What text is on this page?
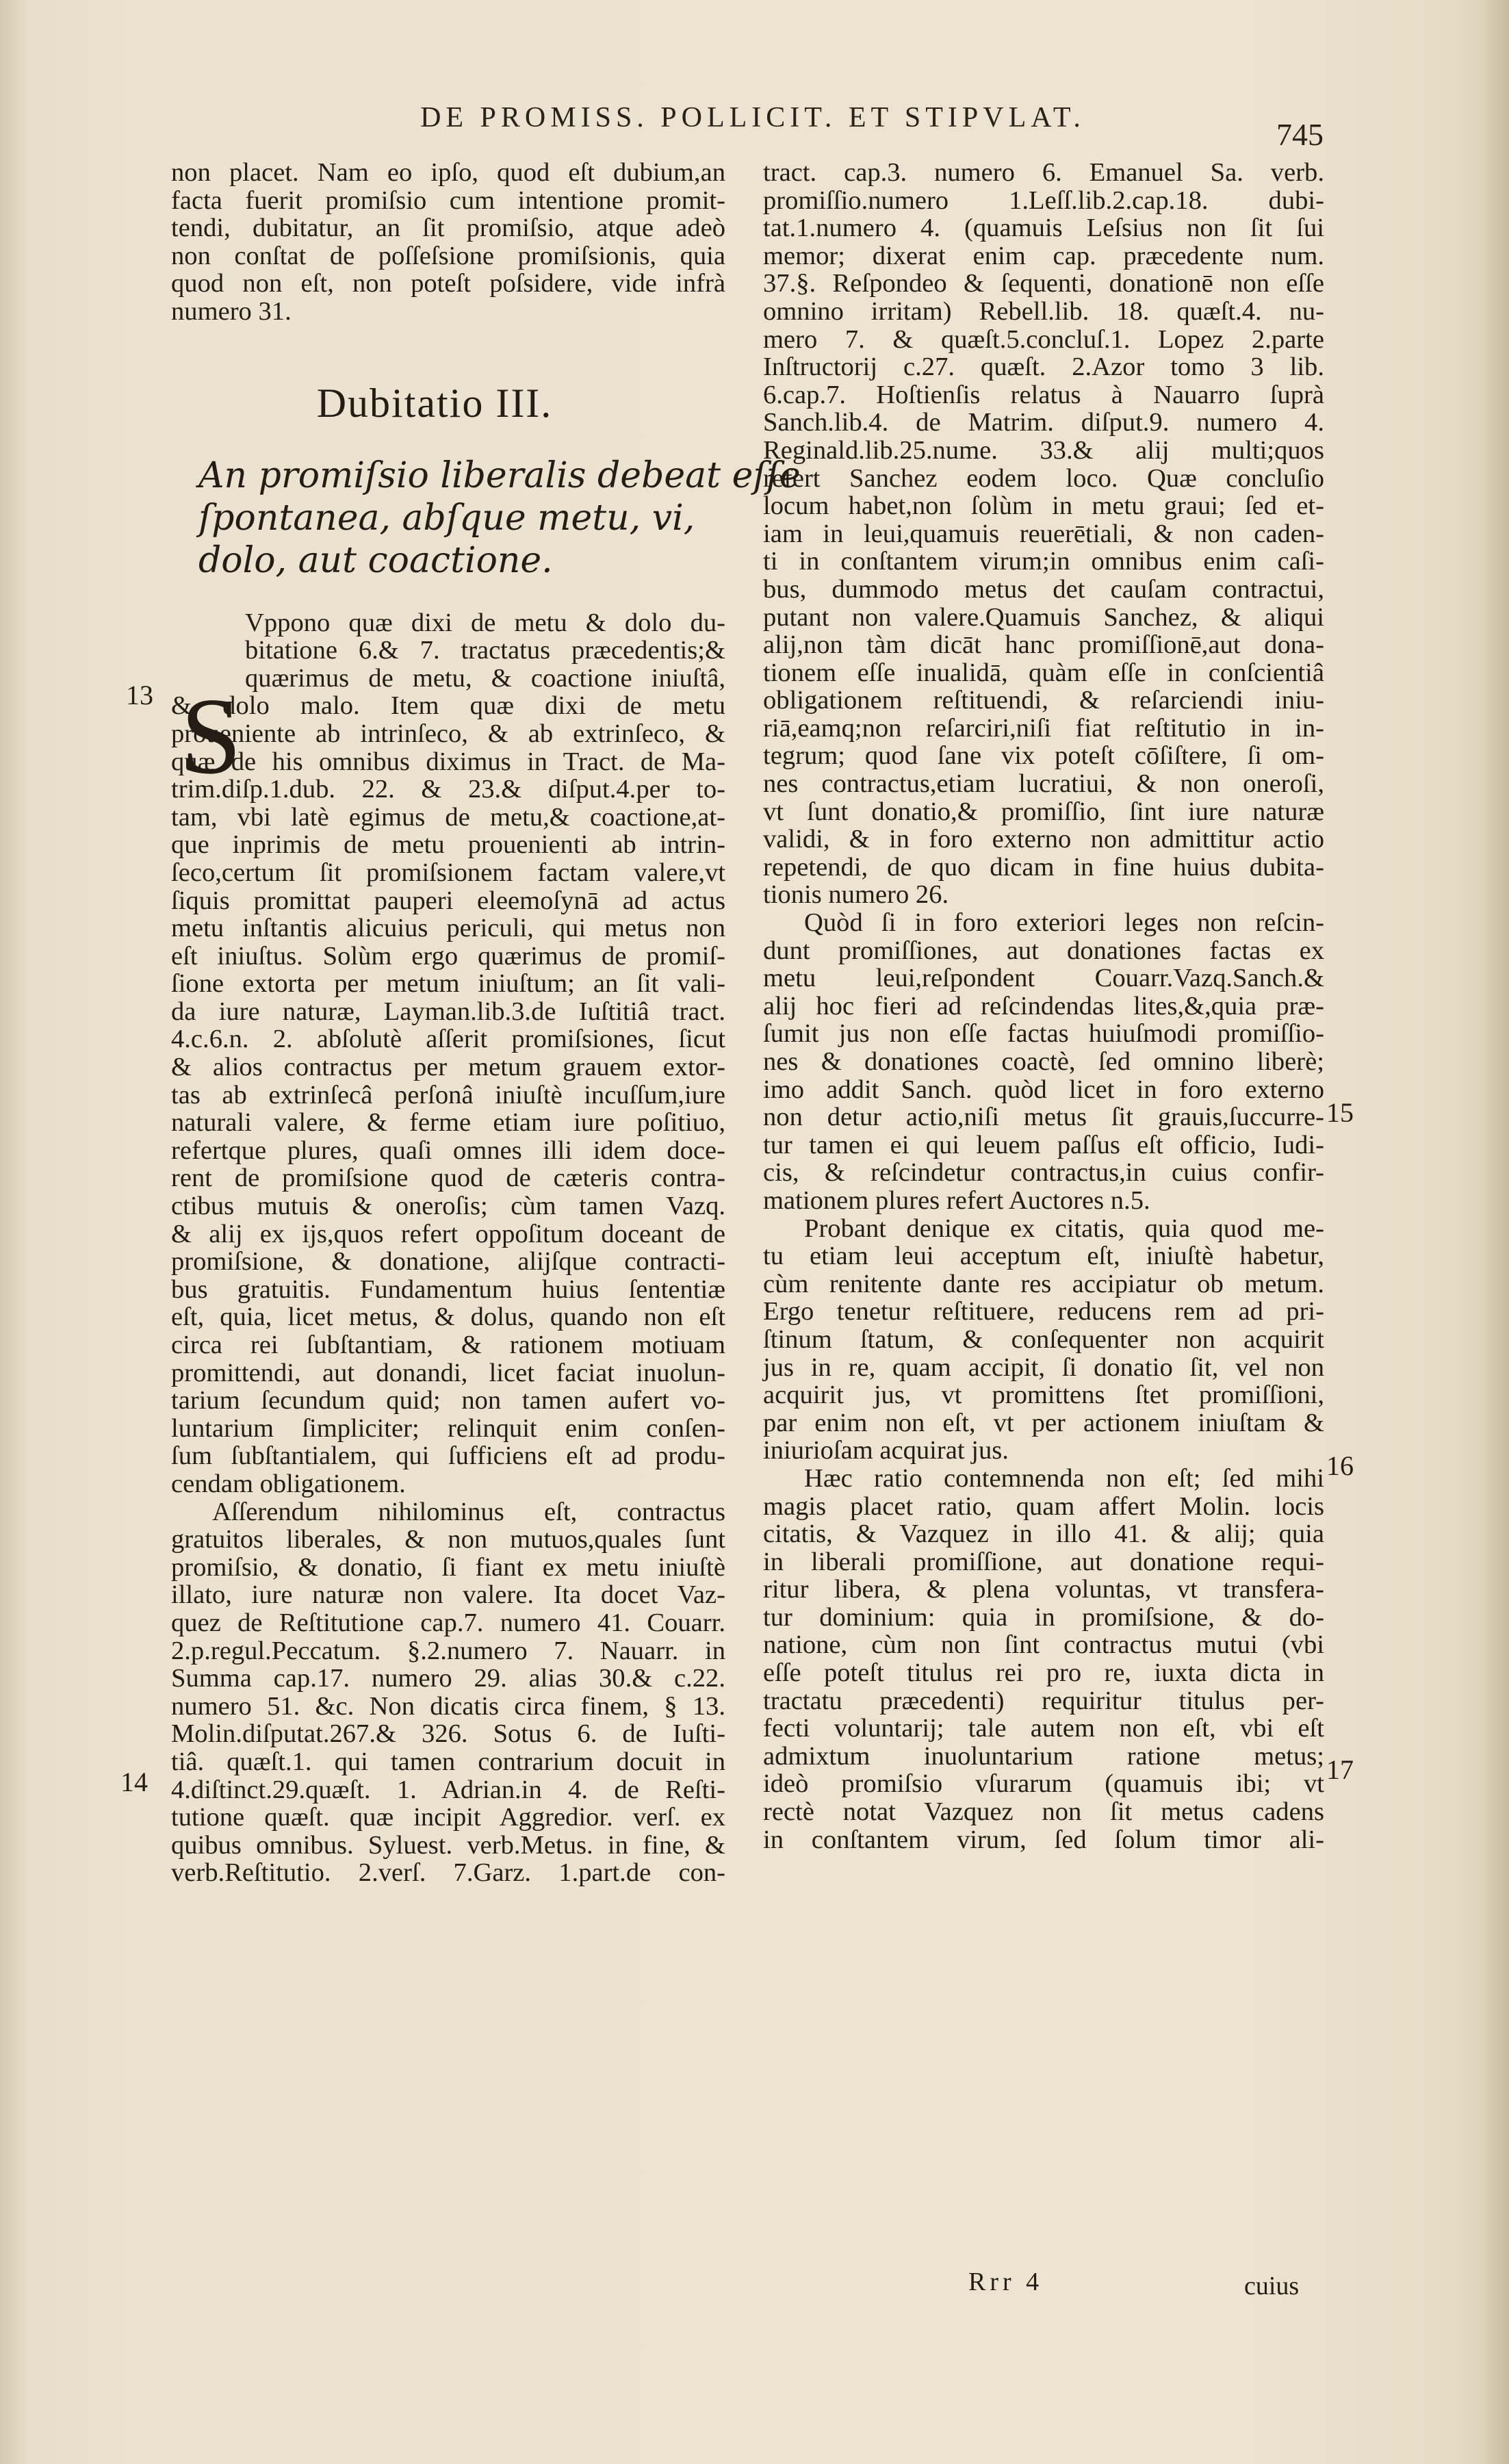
DE PROMISS. POLLICIT. ET STIPVLAT.	745
13
14
15
16
17
S
non placet. Nam eo ipſo, quod eſt dubium,an
facta fuerit promiſsio cum intentione promit-
tendi, dubitatur, an ſit promiſsio, atque adeò
non conſtat de poſſeſsione promiſsionis, quia
quod non eſt, non poteſt poſsidere, vide infrà
numero 31.
Dubitatio III.
An promiſsio liberalis debeat eſſe
ſpontanea, abſque metu, vi,
dolo, aut coactione.
Vppono quæ dixi de metu & dolo du-
bitatione 6.& 7. tractatus præcedentis;&
quærimus de metu, & coactione iniuſtâ,
& dolo malo. Item quæ dixi de metu
proueniente ab intrinſeco, & ab extrinſeco, &
quæ de his omnibus diximus in Tract. de Ma-
trim.diſp.1.dub. 22. & 23.& diſput.4.per to-
tam, vbi latè egimus de metu,& coactione,at-
que inprimis de metu prouenienti ab intrin-
ſeco,certum ſit promiſsionem factam valere,vt
ſiquis promittat pauperi eleemoſynā ad actus
metu inſtantis alicuius periculi, qui metus non
eſt iniuſtus. Solùm ergo quærimus de promiſ-
ſione extorta per metum iniuſtum; an ſit vali-
da iure naturæ, Layman.lib.3.de Iuſtitiâ tract.
4.c.6.n. 2. abſolutè aſſerit promiſsiones, ſicut
& alios contractus per metum grauem extor-
tas ab extrinſecâ perſonâ iniuſtè incuſſum,iure
naturali valere, & ferme etiam iure poſitiuo,
refertque plures, quaſi omnes illi idem doce-
rent de promiſsione quod de cæteris contra-
ctibus mutuis & oneroſis; cùm tamen Vazq.
& alij ex ijs,quos refert oppoſitum doceant de
promiſsione, & donatione, alijſque contracti-
bus gratuitis. Fundamentum huius ſententiæ
eſt, quia, licet metus, & dolus, quando non eſt
circa rei ſubſtantiam, & rationem motiuam
promittendi, aut donandi, licet faciat inuolun-
tarium ſecundum quid; non tamen aufert vo-
luntarium ſimpliciter; relinquit enim conſen-
ſum ſubſtantialem, qui ſufficiens eſt ad produ-
cendam obligationem.
Aſſerendum nihilominus eſt, contractus
gratuitos liberales, & non mutuos,quales ſunt
promiſsio, & donatio, ſi fiant ex metu iniuſtè
illato, iure naturæ non valere. Ita docet Vaz-
quez de Reſtitutione cap.7. numero 41. Couarr.
2.p.regul.Peccatum. §.2.numero 7. Nauarr. in
Summa cap.17. numero 29. alias 30.& c.22.
numero 51. &c. Non dicatis circa finem, § 13.
Molin.diſputat.267.& 326. Sotus 6. de Iuſti-
tiâ. quæſt.1. qui tamen contrarium docuit in
4.diſtinct.29.quæſt. 1. Adrian.in 4. de Reſti-
tutione quæſt. quæ incipit Aggredior. verſ. ex
quibus omnibus. Syluest. verb.Metus. in fine, &
verb.Reſtitutio. 2.verſ. 7.Garz. 1.part.de con-
tract. cap.3. numero 6. Emanuel Sa. verb.
promiſſio.numero 1.Leſſ.lib.2.cap.18. dubi-
tat.1.numero 4. (quamuis Leſsius non ſit ſui
memor; dixerat enim cap. præcedente num.
37.§. Reſpondeo & ſequenti, donationē non eſſe
omnino irritam) Rebell.lib. 18. quæſt.4. nu-
mero 7. & quæſt.5.concluſ.1. Lopez 2.parte
Inſtructorij c.27. quæſt. 2.Azor tomo 3 lib.
6.cap.7. Hoſtienſis relatus à Nauarro ſuprà
Sanch.lib.4. de Matrim. diſput.9. numero 4.
Reginald.lib.25.nume. 33.& alij multi;quos
refert Sanchez eodem loco. Quæ concluſio
locum habet,non ſolùm in metu graui; ſed et-
iam in leui,quamuis reuerētiali, & non caden-
ti in conſtantem virum;in omnibus enim caſi-
bus, dummodo metus det cauſam contractui,
putant non valere.Quamuis Sanchez, & aliqui
alij,non tàm dicāt hanc promiſſionē,aut dona-
tionem eſſe inualidā, quàm eſſe in conſcientiâ
obligationem reſtituendi, & reſarciendi iniu-
riā,eamq;non reſarciri,niſi fiat reſtitutio in in-
tegrum; quod ſane vix poteſt cōſiſtere, ſi om-
nes contractus,etiam lucratiui, & non oneroſi,
vt ſunt donatio,& promiſſio, ſint iure naturæ
validi, & in foro externo non admittitur actio
repetendi, de quo dicam in fine huius dubita-
tionis numero 26.
Quòd ſi in foro exteriori leges non reſcin-
dunt promiſſiones, aut donationes factas ex
metu leui,reſpondent Couarr.Vazq.Sanch.&
alij hoc fieri ad reſcindendas lites,&,quia præ-
ſumit jus non eſſe factas huiuſmodi promiſſio-
nes & donationes coactè, ſed omnino liberè;
imo addit Sanch. quòd licet in foro externo
non detur actio,niſi metus ſit grauis,ſuccurre-
tur tamen ei qui leuem paſſus eſt officio, Iudi-
cis, & reſcindetur contractus,in cuius confir-
mationem plures refert Auctores n.5.
Probant denique ex citatis, quia quod me-
tu etiam leui acceptum eſt, iniuſtè habetur,
cùm renitente dante res accipiatur ob metum.
Ergo tenetur reſtituere, reducens rem ad pri-
ſtinum ſtatum, & conſequenter non acquirit
jus in re, quam accipit, ſi donatio ſit, vel non
acquirit jus, vt promittens ſtet promiſſioni,
par enim non eſt, vt per actionem iniuſtam &
iniurioſam acquirat jus.
Hæc ratio contemnenda non eſt; ſed mihi
magis placet ratio, quam affert Molin. locis
citatis, & Vazquez in illo 41. & alij; quia
in liberali promiſſione, aut donatione requi-
ritur libera, & plena voluntas, vt transfera-
tur dominium: quia in promiſsione, & do-
natione, cùm non ſint contractus mutui (vbi
eſſe poteſt titulus rei pro re, iuxta dicta in
tractatu præcedenti) requiritur titulus per-
fecti voluntarij; tale autem non eſt, vbi eſt
admixtum inuoluntarium ratione metus;
ideò promiſsio vſurarum (quamuis ibi; vt
rectè notat Vazquez non ſit metus cadens
in conſtantem virum, ſed ſolum timor ali-
Rrr 4	cuius
